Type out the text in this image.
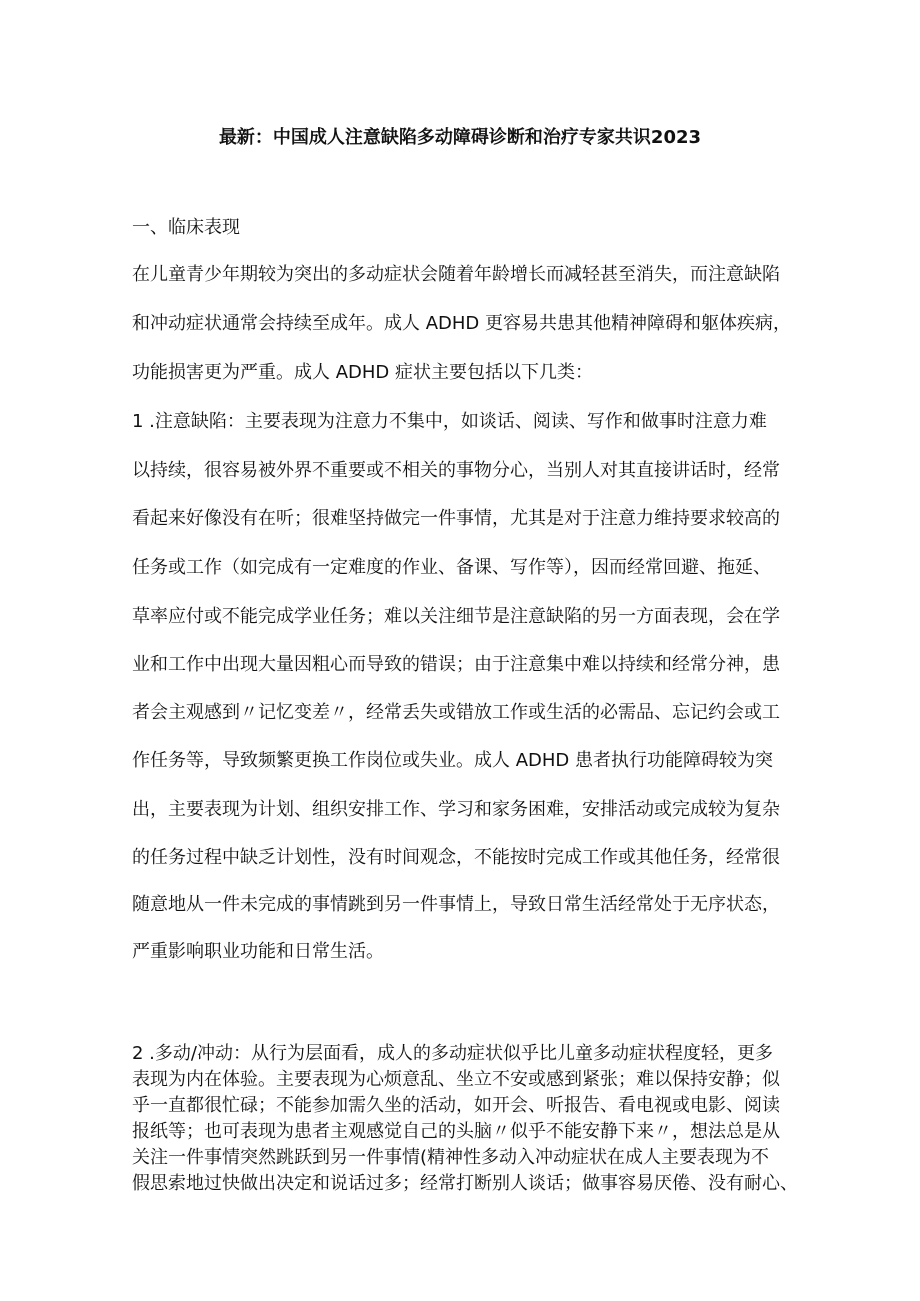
最新：中国成人注意缺陷多动障碍诊断和治疗专家共识2023
一、临床表现
在儿童青少年期较为突出的多动症状会随着年龄增长而减轻甚至消失，而注意缺陷
和冲动症状通常会持续至成年。成人 ADHD 更容易共患其他精神障碍和躯体疾病，
功能损害更为严重。成人 ADHD 症状主要包括以下几类：
1 .注意缺陷：主要表现为注意力不集中，如谈话、阅读、写作和做事时注意力难
以持续，很容易被外界不重要或不相关的事物分心，当别人对其直接讲话时，经常
看起来好像没有在听；很难坚持做完一件事情，尤其是对于注意力维持要求较高的
任务或工作（如完成有一定难度的作业、备课、写作等），因而经常回避、拖延、
草率应付或不能完成学业任务；难以关注细节是注意缺陷的另一方面表现，会在学
业和工作中出现大量因粗心而导致的错误；由于注意集中难以持续和经常分神，患
者会主观感到〃记忆变差〃，经常丢失或错放工作或生活的必需品、忘记约会或工
作任务等，导致频繁更换工作岗位或失业。成人 ADHD 患者执行功能障碍较为突
出，主要表现为计划、组织安排工作、学习和家务困难，安排活动或完成较为复杂
的任务过程中缺乏计划性，没有时间观念，不能按时完成工作或其他任务，经常很
随意地从一件未完成的事情跳到另一件事情上，导致日常生活经常处于无序状态，
严重影响职业功能和日常生活。
2 .多动/冲动：从行为层面看，成人的多动症状似乎比儿童多动症状程度轻，更多
表现为内在体验。主要表现为心烦意乱、坐立不安或感到紧张；难以保持安静；似
乎一直都很忙碌；不能参加需久坐的活动，如开会、听报告、看电视或电影、阅读
报纸等；也可表现为患者主观感觉自己的头脑〃似乎不能安静下来〃，想法总是从
关注一件事情突然跳跃到另一件事情(精神性多动入冲动症状在成人主要表现为不
假思索地过快做出决定和说话过多；经常打断别人谈话；做事容易厌倦、没有耐心、
